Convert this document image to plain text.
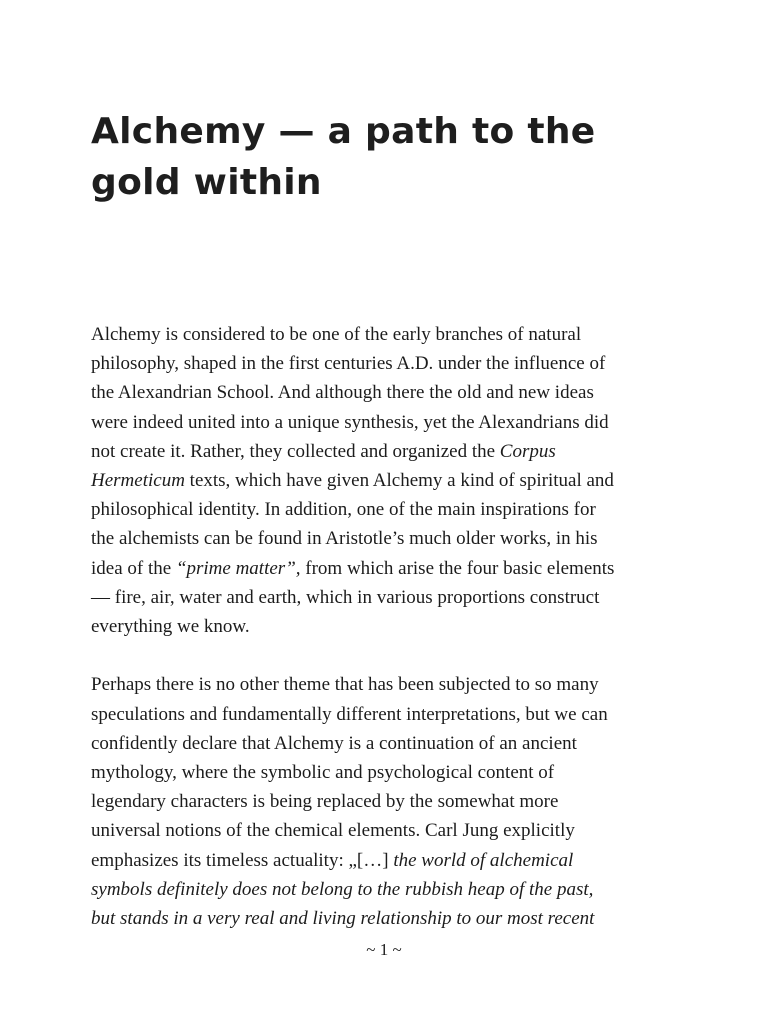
Alchemy — a path to the
gold within

Alchemy is considered to be one of the early branches of natural

philosophy, shaped in the first centuries A.D. under the influence of

the Alexandrian School. And although there the old and new ideas

were indeed united into a unique synthesis, yet the Alexandrians did

not create it. Rather, they collected and organized the Corpus

Hermeticum texts, which have given Alchemy a kind of spiritual and

philosophical identity. In addition, one of the main inspirations for

the alchemists can be found in Aristotle’s much older works, in his

idea of the “prime matter”, from which arise the four basic elements

— fire, air, water and earth, which in various proportions construct

everything we know.

Perhaps there is no other theme that has been subjected to so many

speculations and fundamentally different interpretations, but we can

confidently declare that Alchemy is a continuation of an ancient

mythology, where the symbolic and psychological content of

legendary characters is being replaced by the somewhat more

universal notions of the chemical elements. Carl Jung explicitly

emphasizes its timeless actuality: „[…] the world of alchemical

symbols definitely does not belong to the rubbish heap of the past,

but stands in a very real and living relationship to our most recent

~ 1 ~
